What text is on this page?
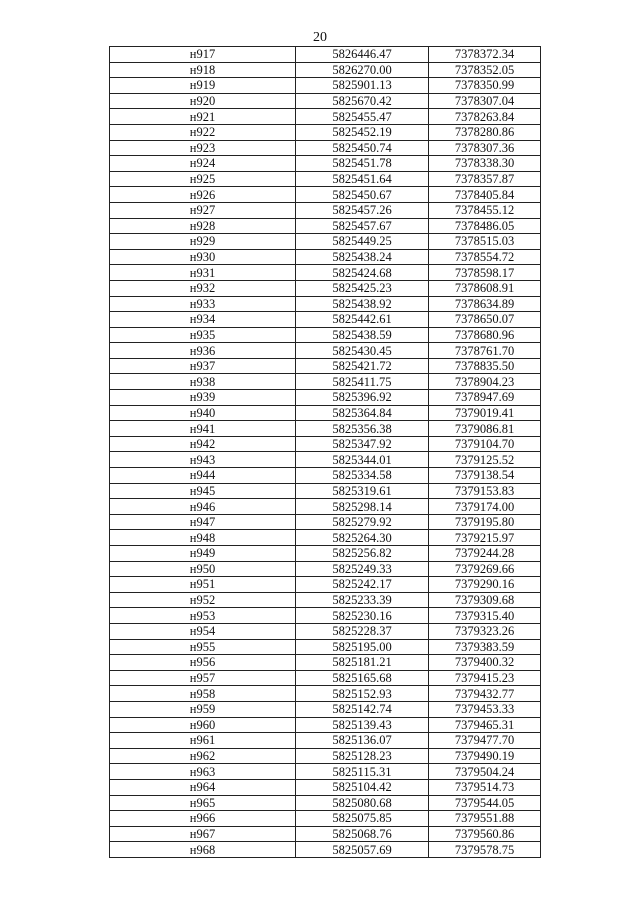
20
н917	5826446.47	7378372.34
н918	5826270.00	7378352.05
н919	5825901.13	7378350.99
н920	5825670.42	7378307.04
н921	5825455.47	7378263.84
н922	5825452.19	7378280.86
н923	5825450.74	7378307.36
н924	5825451.78	7378338.30
н925	5825451.64	7378357.87
н926	5825450.67	7378405.84
н927	5825457.26	7378455.12
н928	5825457.67	7378486.05
н929	5825449.25	7378515.03
н930	5825438.24	7378554.72
н931	5825424.68	7378598.17
н932	5825425.23	7378608.91
н933	5825438.92	7378634.89
н934	5825442.61	7378650.07
н935	5825438.59	7378680.96
н936	5825430.45	7378761.70
н937	5825421.72	7378835.50
н938	5825411.75	7378904.23
н939	5825396.92	7378947.69
н940	5825364.84	7379019.41
н941	5825356.38	7379086.81
н942	5825347.92	7379104.70
н943	5825344.01	7379125.52
н944	5825334.58	7379138.54
н945	5825319.61	7379153.83
н946	5825298.14	7379174.00
н947	5825279.92	7379195.80
н948	5825264.30	7379215.97
н949	5825256.82	7379244.28
н950	5825249.33	7379269.66
н951	5825242.17	7379290.16
н952	5825233.39	7379309.68
н953	5825230.16	7379315.40
н954	5825228.37	7379323.26
н955	5825195.00	7379383.59
н956	5825181.21	7379400.32
н957	5825165.68	7379415.23
н958	5825152.93	7379432.77
н959	5825142.74	7379453.33
н960	5825139.43	7379465.31
н961	5825136.07	7379477.70
н962	5825128.23	7379490.19
н963	5825115.31	7379504.24
н964	5825104.42	7379514.73
н965	5825080.68	7379544.05
н966	5825075.85	7379551.88
н967	5825068.76	7379560.86
н968	5825057.69	7379578.75
